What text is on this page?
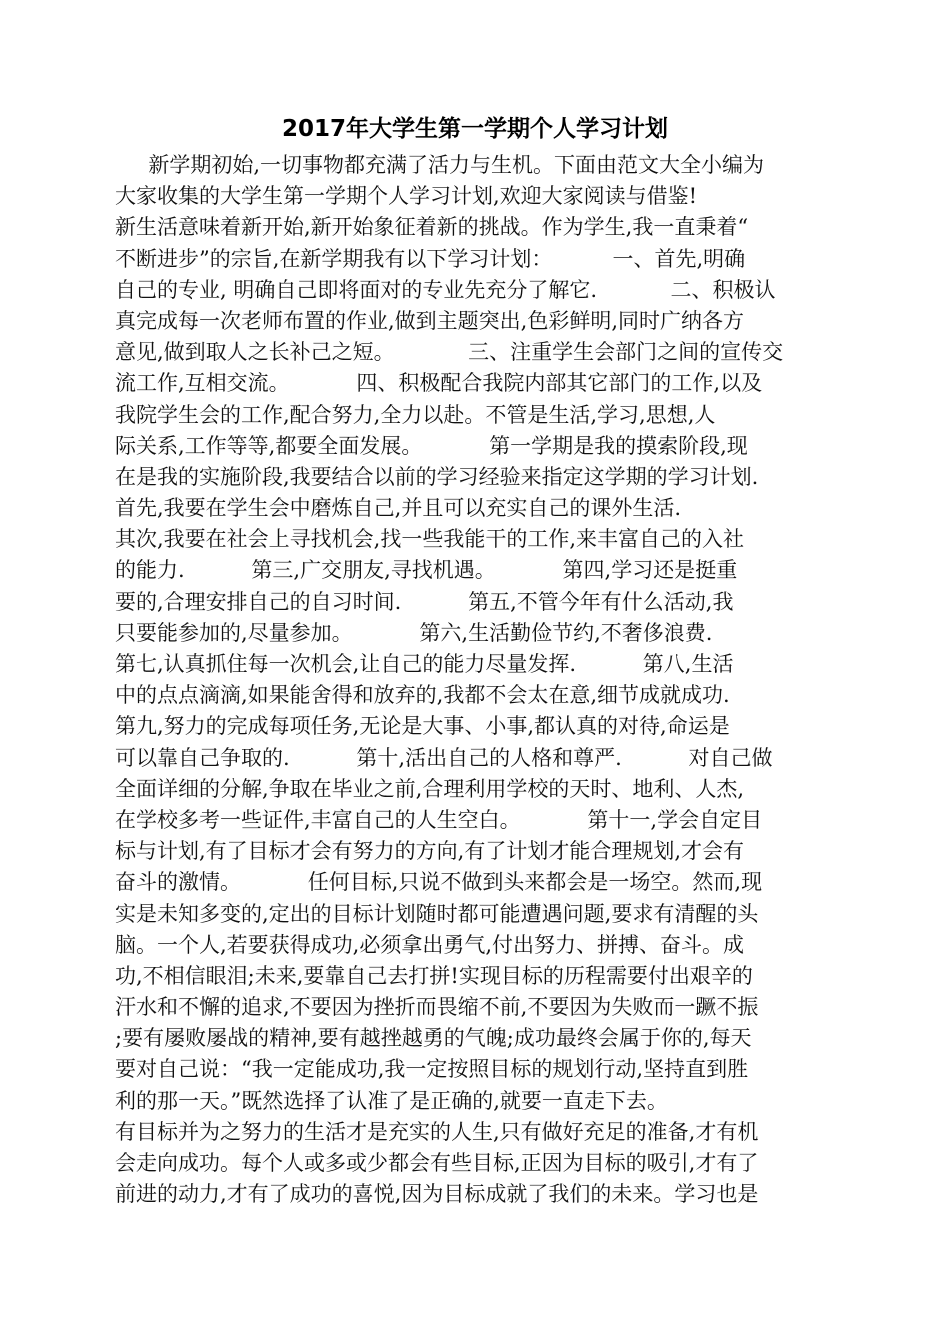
2017年大学生第一学期个人学习计划
新学期初始,一切事物都充满了活力与生机。下面由范文大全小编为
大家收集的大学生第一学期个人学习计划,欢迎大家阅读与借鉴!
新生活意味着新开始,新开始象征着新的挑战。作为学生,我一直秉着“
不断进步”的宗旨,在新学期我有以下学习计划：         一、首先,明确
自己的专业, 明确自己即将面对的专业先充分了解它.           二、积极认
真完成每一次老师布置的作业,做到主题突出,色彩鲜明,同时广纳各方
意见,做到取人之长补己之短。           三、注重学生会部门之间的宣传交
流工作,互相交流。          四、积极配合我院内部其它部门的工作,以及
我院学生会的工作,配合努力,全力以赴。不管是生活,学习,思想,人
际关系,工作等等,都要全面发展。          第一学期是我的摸索阶段,现
在是我的实施阶段,我要结合以前的学习经验来指定这学期的学习计划.
首先,我要在学生会中磨炼自己,并且可以充实自己的课外生活.
其次,我要在社会上寻找机会,找一些我能干的工作,来丰富自己的入社
的能力.          第三,广交朋友,寻找机遇。          第四,学习还是挺重
要的,合理安排自己的自习时间.          第五,不管今年有什么活动,我
只要能参加的,尽量参加。          第六,生活勤俭节约,不奢侈浪费.
第七,认真抓住每一次机会,让自己的能力尽量发挥.          第八,生活
中的点点滴滴,如果能舍得和放弃的,我都不会太在意,细节成就成功.
第九,努力的完成每项任务,无论是大事、小事,都认真的对待,命运是
可以靠自己争取的.          第十,活出自己的人格和尊严.          对自己做
全面详细的分解,争取在毕业之前,合理利用学校的天时、地利、人杰,
在学校多考一些证件,丰富自己的人生空白。          第十一,学会自定目
标与计划,有了目标才会有努力的方向,有了计划才能合理规划,才会有
奋斗的激情。          任何目标,只说不做到头来都会是一场空。然而,现
实是未知多变的,定出的目标计划随时都可能遭遇问题,要求有清醒的头
脑。一个人,若要获得成功,必须拿出勇气,付出努力、拼搏、奋斗。成
功,不相信眼泪;未来,要靠自己去打拼!实现目标的历程需要付出艰辛的
汗水和不懈的追求,不要因为挫折而畏缩不前,不要因为失败而一蹶不振
;要有屡败屡战的精神,要有越挫越勇的气魄;成功最终会属于你的,每天
要对自己说：“我一定能成功,我一定按照目标的规划行动,坚持直到胜
利的那一天。”既然选择了认准了是正确的,就要一直走下去。
有目标并为之努力的生活才是充实的人生,只有做好充足的准备,才有机
会走向成功。每个人或多或少都会有些目标,正因为目标的吸引,才有了
前进的动力,才有了成功的喜悦,因为目标成就了我们的未来。学习也是
